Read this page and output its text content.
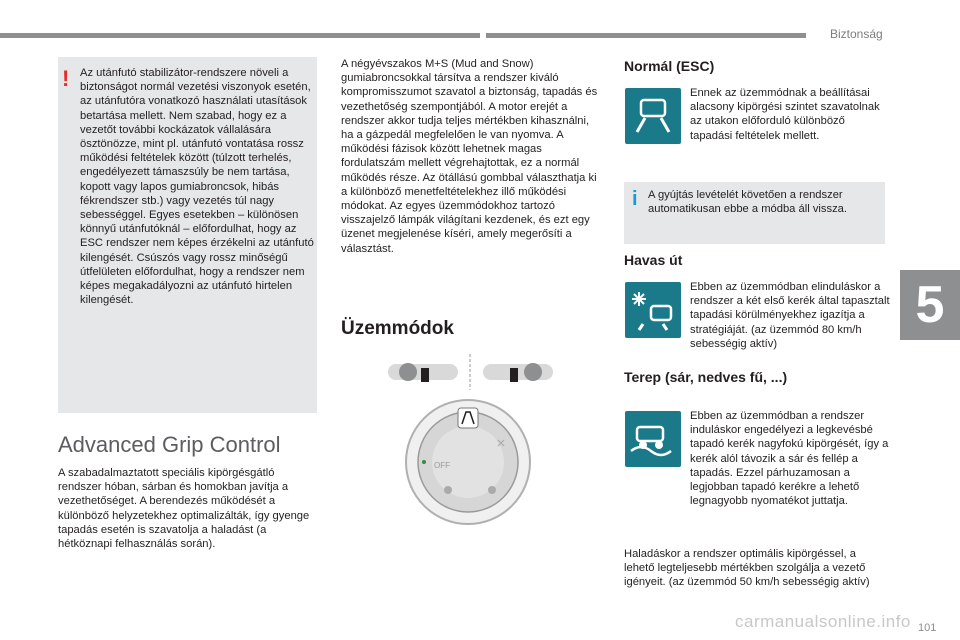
Biztonság
5
! Az utánfutó stabilizátor-rendszere növeli a biztonságot normál vezetési viszonyok esetén, az utánfutóra vonatkozó használati utasítások betartása mellett. Nem szabad, hogy ez a vezetőt további kockázatok vállalására ösztönözze, mint pl. utánfutó vontatása rossz működési feltételek között (túlzott terhelés, engedélyezett támaszsúly be nem tartása, kopott vagy lapos gumiabroncsok, hibás fékrendszer stb.) vagy vezetés túl nagy sebességgel. Egyes esetekben – különösen könnyű utánfutóknál – előfordulhat, hogy az ESC rendszer nem képes érzékelni az utánfutó kilengését. Csúszós vagy rossz minőségű útfelületen előfordulhat, hogy a rendszer nem képes megakadályozni az utánfutó hirtelen kilengését.
Advanced Grip Control
A szabadalmaztatott speciális kipörgésgátló rendszer hóban, sárban és homokban javítja a vezethetőséget. A berendezés működését a különböző helyzetekhez optimalizálták, így gyenge tapadás esetén is szavatolja a haladást (a hétköznapi felhasználás során).
A négyévszakos M+S (Mud and Snow) gumiabroncsokkal társítva a rendszer kiváló kompromisszumot szavatol a biztonság, tapadás és vezethetőség szempontjából. A motor erejét a rendszer akkor tudja teljes mértékben kihasználni, ha a gázpedál megfelelően le van nyomva. A működési fázisok között lehetnek magas fordulatszám mellett végrehajtottak, ez a normál működés része. Az ötállású gombbal választhatja ki a különböző menetfeltételekhez illő működési módokat. Az egyes üzemmódokhoz tartozó visszajelző lámpák világítani kezdenek, és ezt egy üzenet megjelenése kíséri, amely megerősíti a választást.
Üzemmódok
OFF
Normál (ESC)
Ennek az üzemmódnak a beállításai alacsony kipörgési szintet szavatolnak az utakon előforduló különböző tapadási feltételek mellett.
i A gyújtás levételét követően a rendszer automatikusan ebbe a módba áll vissza.
Havas út
Ebben az üzemmódban elinduláskor a rendszer a két első kerék által tapasztalt tapadási körülményekhez igazítja a stratégiáját. (az üzemmód 80 km/h sebességig aktív)
Terep (sár, nedves fű, ...)
Ebben az üzemmódban a rendszer induláskor engedélyezi a legkevésbé tapadó kerék nagyfokú kipörgését, így a kerék alól távozik a sár és fellép a tapadás. Ezzel párhuzamosan a legjobban tapadó kerékre a lehető legnagyobb nyomatékot juttatja.
Haladáskor a rendszer optimális kipörgéssel, a lehető legteljesebb mértékben szolgálja a vezető igényeit. (az üzemmód 50 km/h sebességig aktív)
carmanualsonline.info 101
